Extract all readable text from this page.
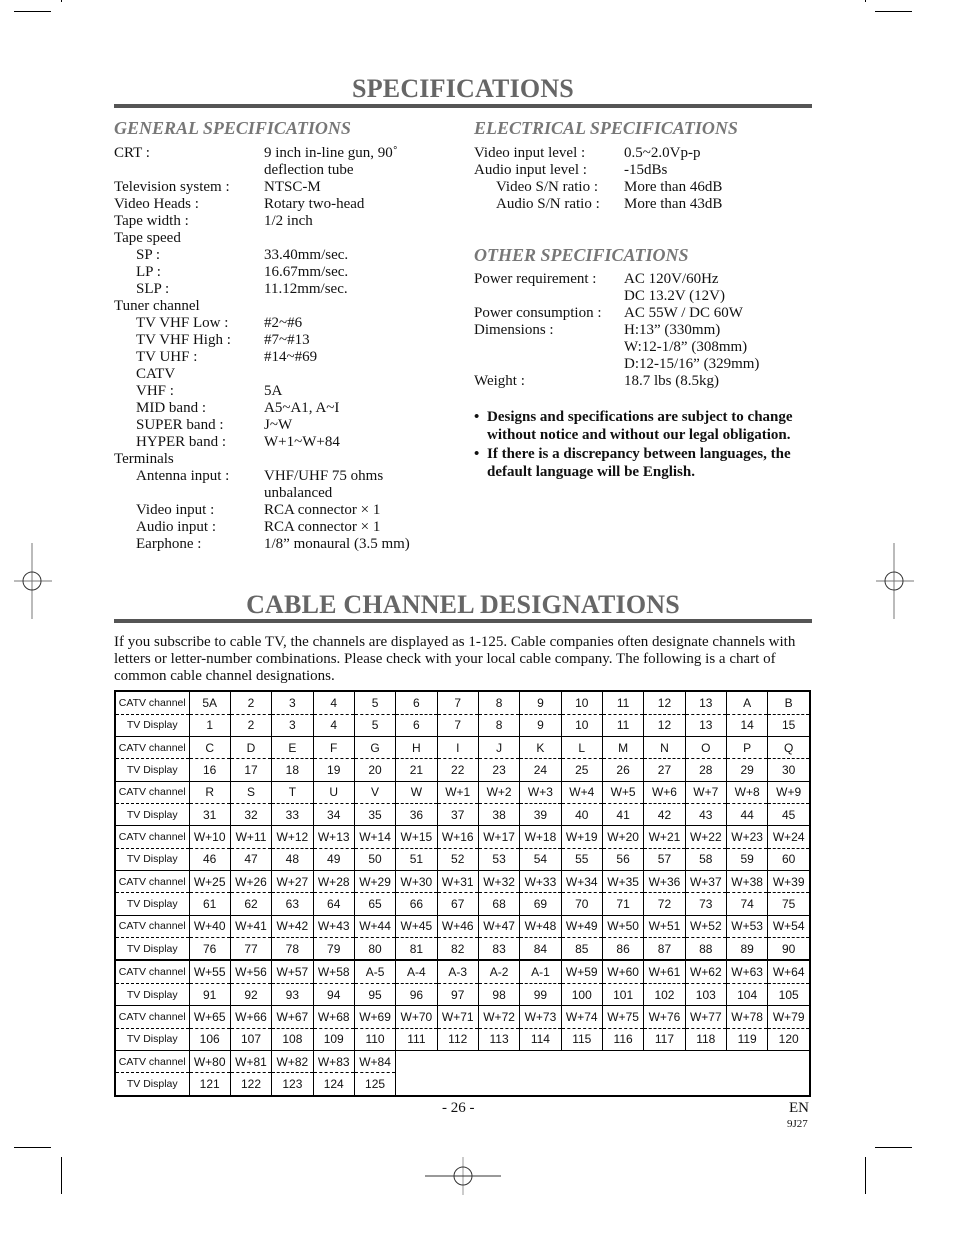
SPECIFICATIONS
GENERAL SPECIFICATIONS
CRT :	9 inch in-line gun, 90˚
deflection tube
Television system :	NTSC-M
Video Heads :	Rotary two-head
Tape width :	1/2 inch
Tape speed
SP :	33.40mm/sec.
LP :	16.67mm/sec.
SLP :	11.12mm/sec.
Tuner channel
TV VHF Low :	#2~#6
TV VHF High :	#7~#13
TV UHF :	#14~#69
CATV
VHF :	5A
MID band :	A5~A1, A~I
SUPER band :	J~W
HYPER band :	W+1~W+84
Terminals
Antenna input :	VHF/UHF 75 ohms
unbalanced
Video input :	RCA connector × 1
Audio input :	RCA connector × 1
Earphone :	1/8” monaural (3.5 mm)
ELECTRICAL SPECIFICATIONS
Video input level :	0.5~2.0Vp-p
Audio input level :	-15dBs
Video S/N ratio :	More than 46dB
Audio S/N ratio :	More than 43dB
OTHER SPECIFICATIONS
Power requirement :	AC 120V/60Hz
DC 13.2V (12V)
Power consumption :	AC 55W / DC 60W
Dimensions :	H:13” (330mm)
W:12-1/8” (308mm)
D:12-15/16” (329mm)
Weight :	18.7 lbs (8.5kg)
• Designs and specifications are subject to change without notice and without our legal obligation.
• If there is a discrepancy between languages, the default language will be English.
CABLE CHANNEL DESIGNATIONS
If you subscribe to cable TV, the channels are displayed as 1-125. Cable companies often designate channels with letters or letter-number combinations. Please check with your local cable company. The following is a chart of common cable channel designations.
CATV channel	5A	2	3	4	5	6	7	8	9	10	11	12	13	A	B
TV Display	1	2	3	4	5	6	7	8	9	10	11	12	13	14	15
CATV channel	C	D	E	F	G	H	I	J	K	L	M	N	O	P	Q
TV Display	16	17	18	19	20	21	22	23	24	25	26	27	28	29	30
CATV channel	R	S	T	U	V	W	W+1	W+2	W+3	W+4	W+5	W+6	W+7	W+8	W+9
TV Display	31	32	33	34	35	36	37	38	39	40	41	42	43	44	45
CATV channel	W+10	W+11	W+12	W+13	W+14	W+15	W+16	W+17	W+18	W+19	W+20	W+21	W+22	W+23	W+24
TV Display	46	47	48	49	50	51	52	53	54	55	56	57	58	59	60
CATV channel	W+25	W+26	W+27	W+28	W+29	W+30	W+31	W+32	W+33	W+34	W+35	W+36	W+37	W+38	W+39
TV Display	61	62	63	64	65	66	67	68	69	70	71	72	73	74	75
CATV channel	W+40	W+41	W+42	W+43	W+44	W+45	W+46	W+47	W+48	W+49	W+50	W+51	W+52	W+53	W+54
TV Display	76	77	78	79	80	81	82	83	84	85	86	87	88	89	90
CATV channel	W+55	W+56	W+57	W+58	A-5	A-4	A-3	A-2	A-1	W+59	W+60	W+61	W+62	W+63	W+64
TV Display	91	92	93	94	95	96	97	98	99	100	101	102	103	104	105
CATV channel	W+65	W+66	W+67	W+68	W+69	W+70	W+71	W+72	W+73	W+74	W+75	W+76	W+77	W+78	W+79
TV Display	106	107	108	109	110	111	112	113	114	115	116	117	118	119	120
CATV channel	W+80	W+81	W+82	W+83	W+84										
TV Display	121	122	123	124	125										
- 26 -	EN
9J27
